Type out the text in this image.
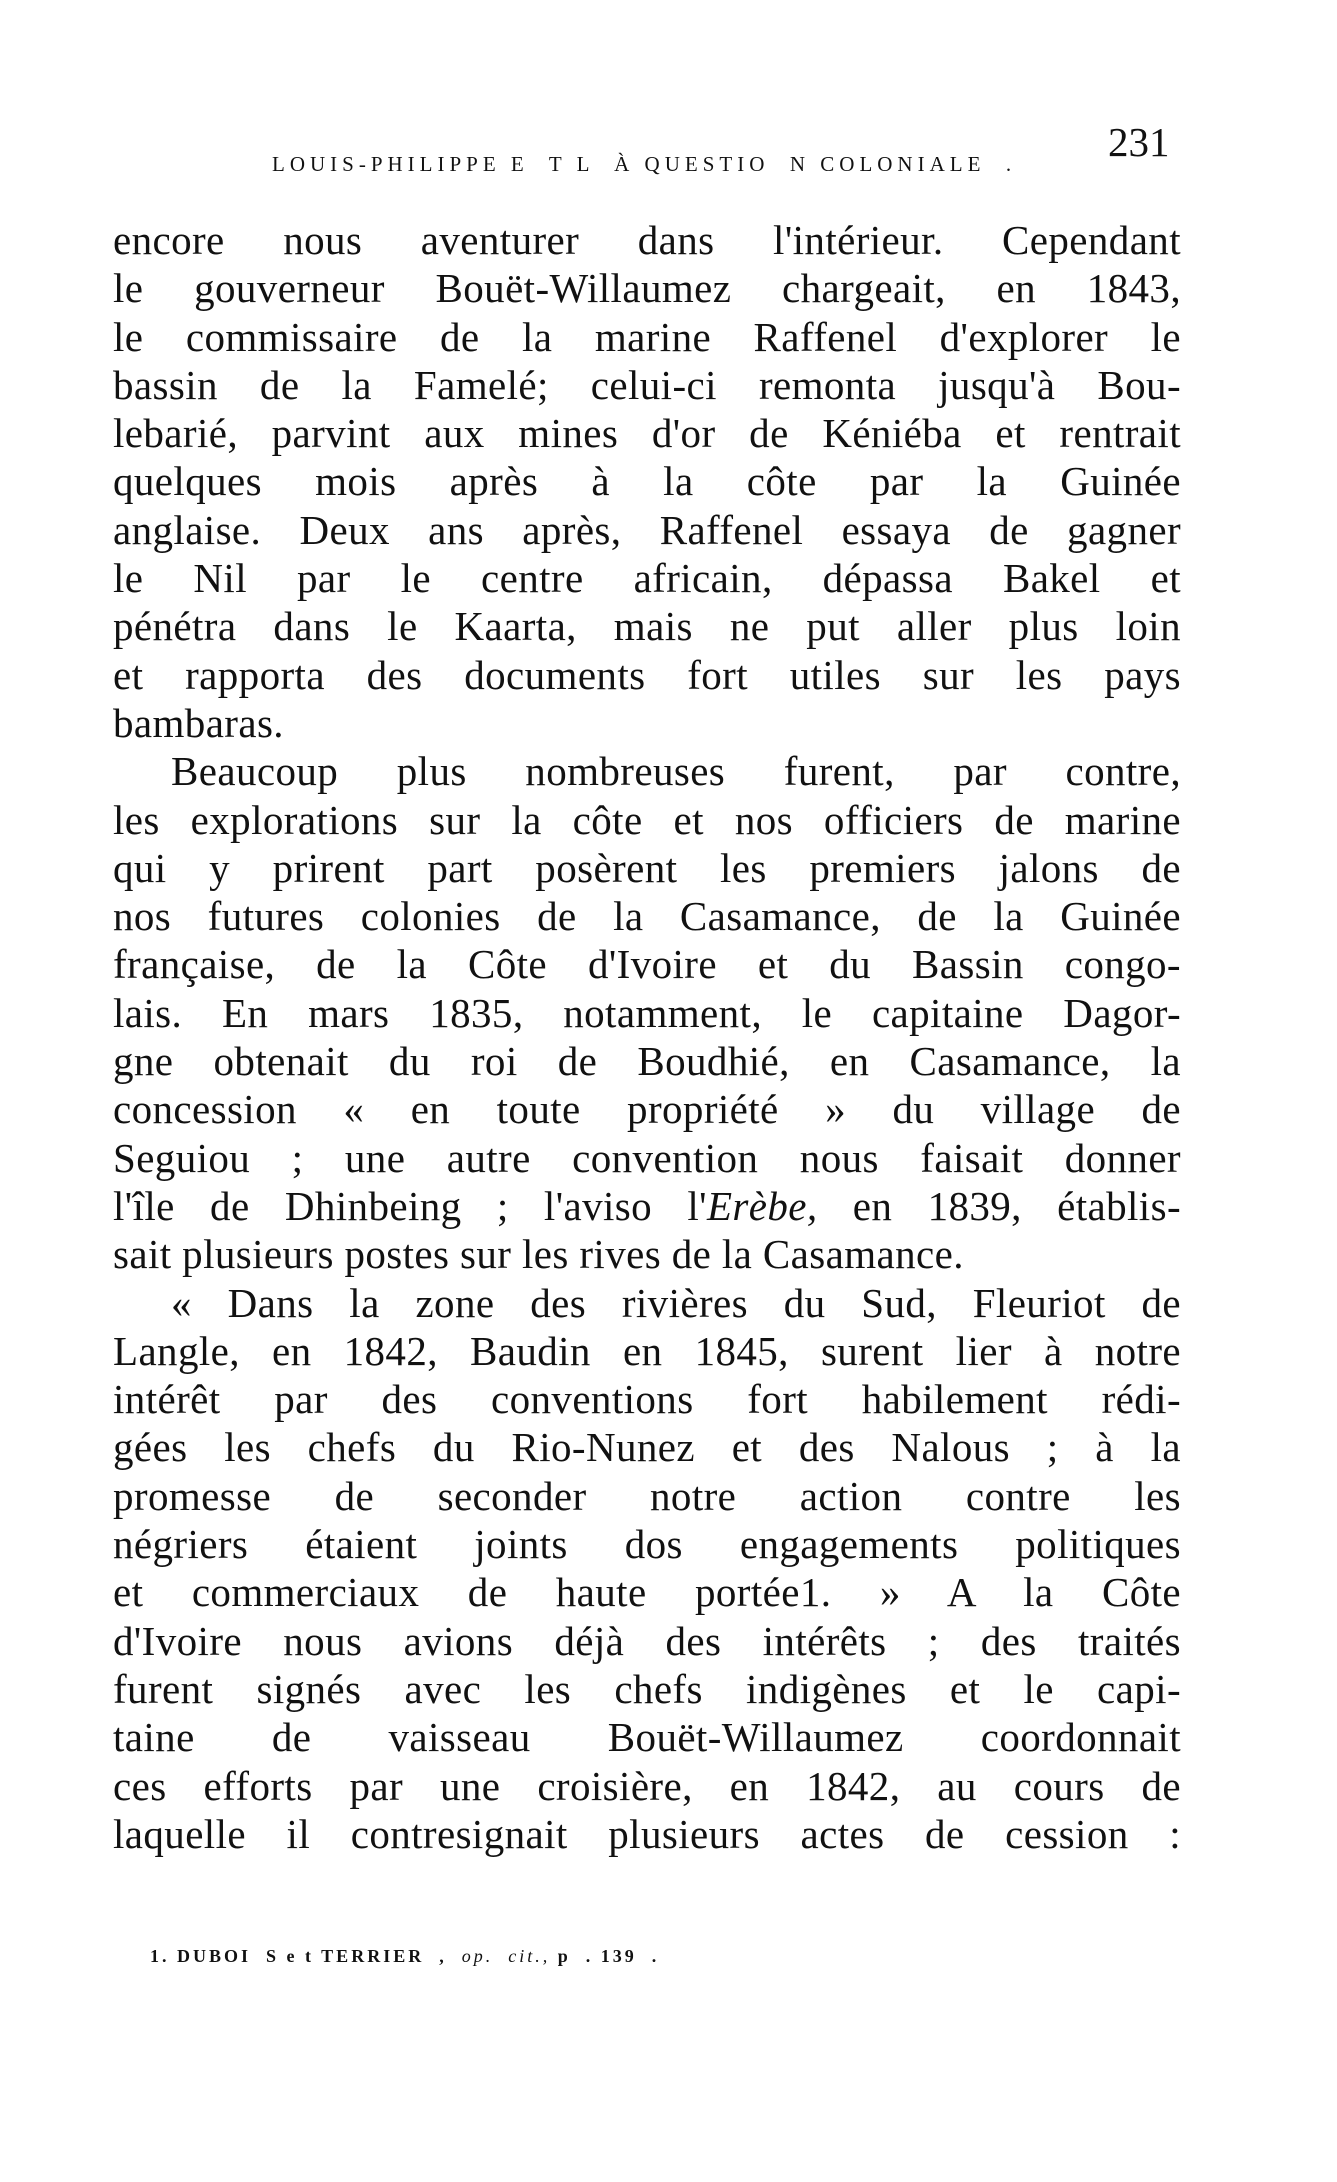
LOUIS-PHILIPPE E  T L  À QUESTIO  N COLONIALE  . 231
encore nous aventurer dans l'intérieur. Cependant
le gouverneur Bouët-Willaumez chargeait, en 1843,
le commissaire de la marine Raffenel d'explorer le
bassin de la Famelé; celui-ci remonta jusqu'à Bou-
lebarié, parvint aux mines d'or de Kéniéba et rentrait
quelques mois après à la côte par la Guinée
anglaise. Deux ans après, Raffenel essaya de gagner
le Nil par le centre africain, dépassa Bakel et
pénétra dans le Kaarta, mais ne put aller plus loin
et rapporta des documents fort utiles sur les pays
bambaras.
Beaucoup plus nombreuses furent, par contre,
les explorations sur la côte et nos officiers de marine
qui y prirent part posèrent les premiers jalons de
nos futures colonies de la Casamance, de la Guinée
française, de la Côte d'Ivoire et du Bassin congo-
lais. En mars 1835, notamment, le capitaine Dagor-
gne obtenait du roi de Boudhié, en Casamance, la
concession « en toute propriété » du village de
Seguiou ; une autre convention nous faisait donner
l'île de Dhinbeing ; l'aviso l'Erèbe, en 1839, établis-
sait plusieurs postes sur les rives de la Casamance.
« Dans la zone des rivières du Sud, Fleuriot de
Langle, en 1842, Baudin en 1845, surent lier à notre
intérêt par des conventions fort habilement rédi-
gées les chefs du Rio-Nunez et des Nalous ; à la
promesse de seconder notre action contre les
négriers étaient joints dos engagements politiques
et commerciaux de haute portée1. » A la Côte
d'Ivoire nous avions déjà des intérêts ; des traités
furent signés avec les chefs indigènes et le capi-
taine de vaisseau Bouët-Willaumez coordonnait
ces efforts par une croisière, en 1842, au cours de
laquelle il contresignait plusieurs actes de cession :
1. DUBOI  S e t TERRIER  ,  op.  cit., p  . 139  .
